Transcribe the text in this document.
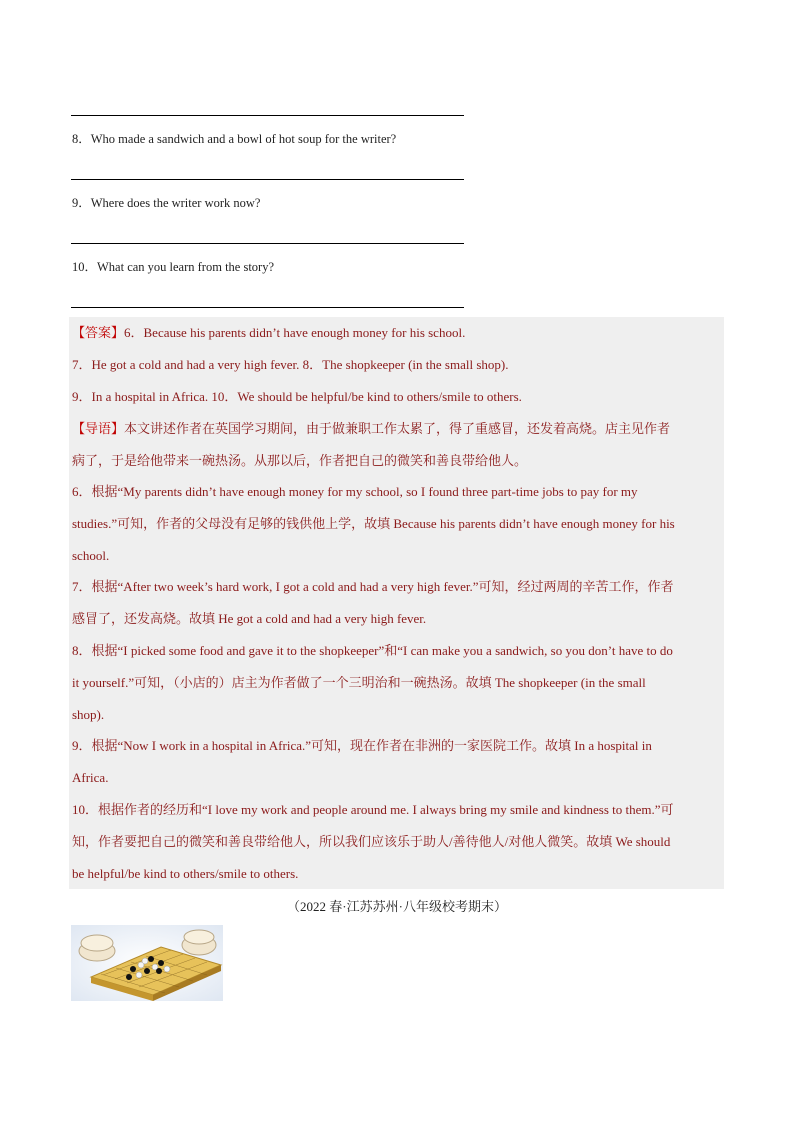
8．Who made a sandwich and a bowl of hot soup for the writer?
9．Where does the writer work now?
10．What can you learn from the story?
【答案】6．Because his parents didn’t have enough money for his school.
7．He got a cold and had a very high fever. 8．The shopkeeper (in the small shop).
9．In a hospital in Africa. 10．We should be helpful/be kind to others/smile to others.
【导语】本文讲述作者在英国学习期间，由于做兼职工作太累了，得了重感冒，还发着高烧。店主见作者
病了，于是给他带来一碗热汤。从那以后，作者把自己的微笑和善良带给他人。
6．根据“My parents didn’t have enough money for my school, so I found three part-time jobs to pay for my
studies.”可知，作者的父母没有足够的钱供他上学，故填 Because his parents didn’t have enough money for his
school.
7．根据“After two week’s hard work, I got a cold and had a very high fever.”可知，经过两周的辛苦工作，作者
感冒了，还发高烧。故填 He got a cold and had a very high fever.
8．根据“I picked some food and gave it to the shopkeeper”和“I can make you a sandwich, so you don’t have to do
it yourself.”可知，（小店的）店主为作者做了一个三明治和一碗热汤。故填 The shopkeeper (in the small
shop).
9．根据“Now I work in a hospital in Africa.”可知，现在作者在非洲的一家医院工作。故填 In a hospital in
Africa.
10．根据作者的经历和“I love my work and people around me. I always bring my smile and kindness to them.”可
知，作者要把自己的微笑和善良带给他人，所以我们应该乐于助人/善待他人/对他人微笑。故填 We should
be helpful/be kind to others/smile to others.
（2022 春·江苏苏州·八年级校考期末）
